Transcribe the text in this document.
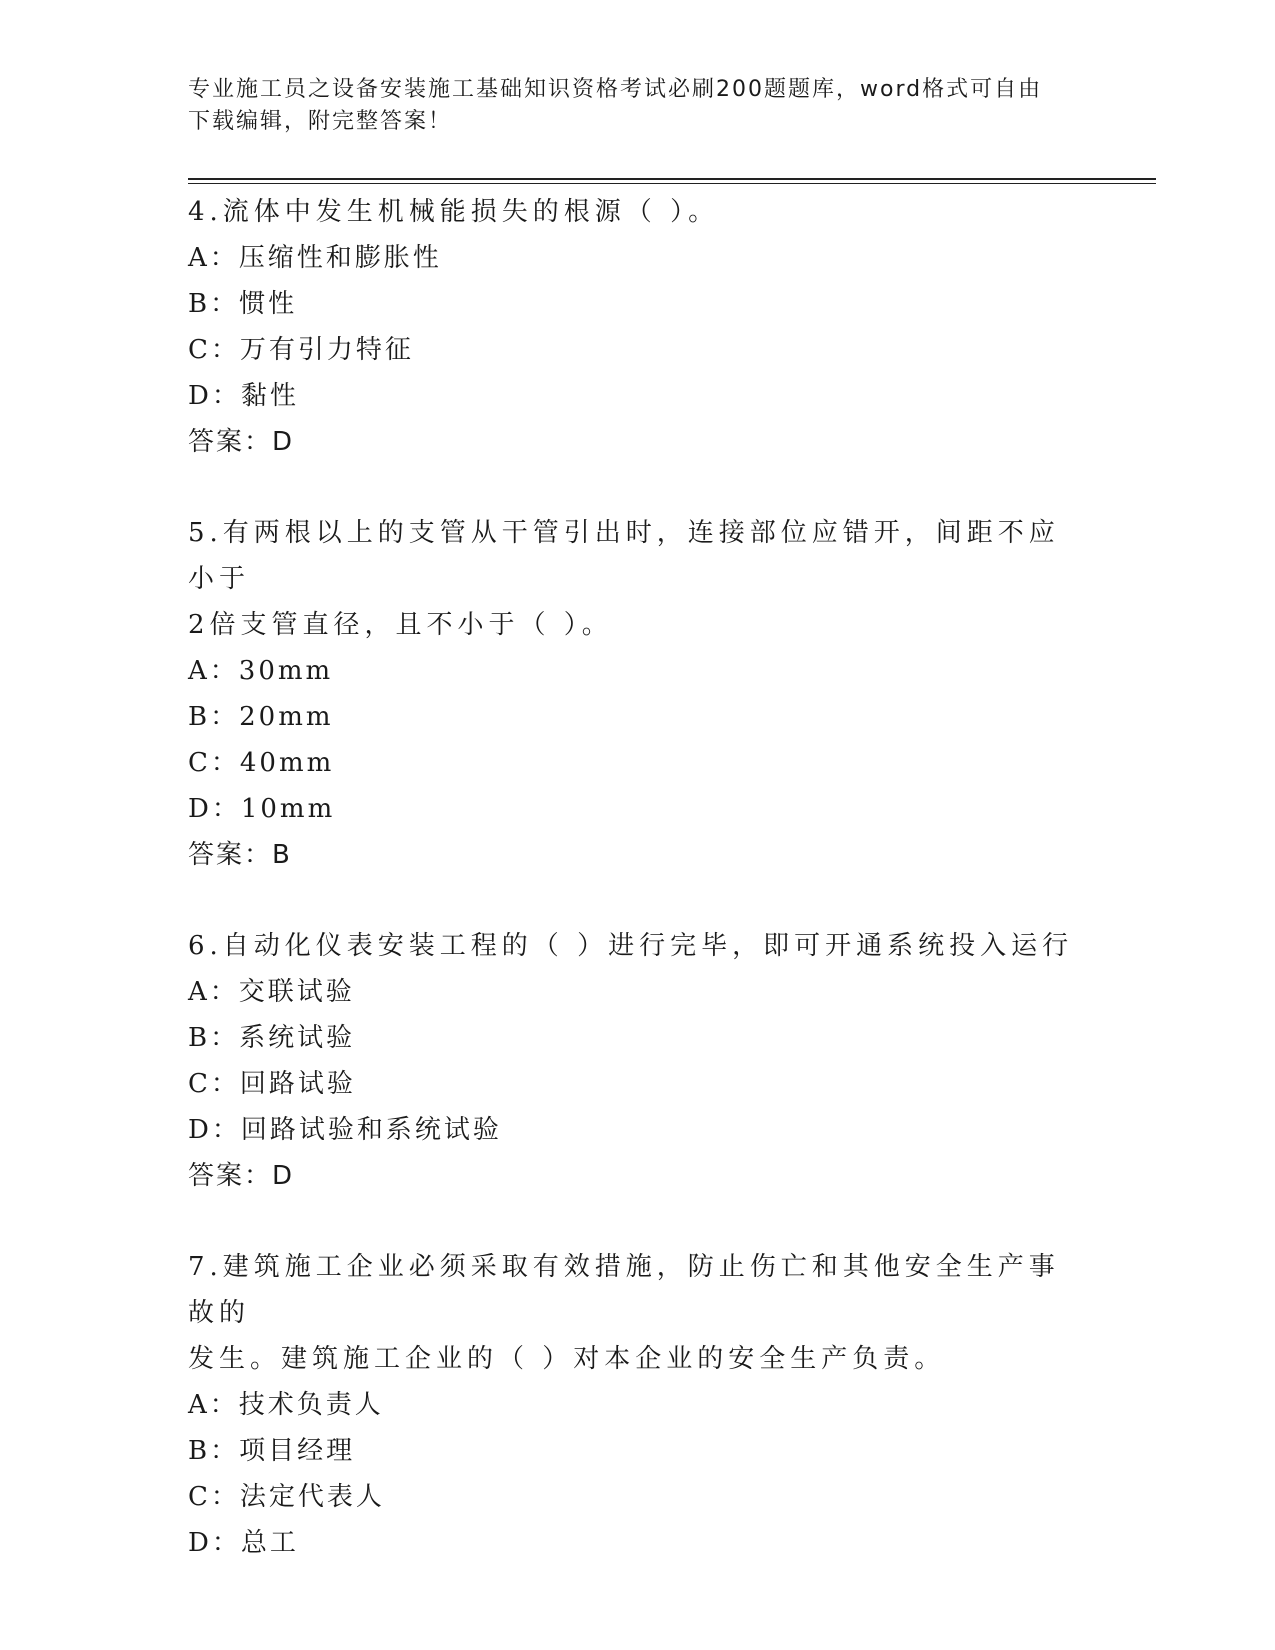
专业施工员之设备安装施工基础知识资格考试必刷200题题库，word格式可自由
下载编辑，附完整答案！

4.流体中发生机械能损失的根源（ ）。

A：压缩性和膨胀性

B：惯性

C：万有引力特征

D：黏性

答案：D

5.有两根以上的支管从干管引出时，连接部位应错开，间距不应小于

2倍支管直径，且不小于（ ）。

A：30mm

B：20mm

C：40mm

D：10mm

答案：B

6.自动化仪表安装工程的（ ）进行完毕，即可开通系统投入运行

A：交联试验

B：系统试验

C：回路试验

D：回路试验和系统试验

答案：D

7.建筑施工企业必须采取有效措施，防止伤亡和其他安全生产事故的

发生。建筑施工企业的（ ）对本企业的安全生产负责。

A：技术负责人

B：项目经理

C：法定代表人

D：总工
